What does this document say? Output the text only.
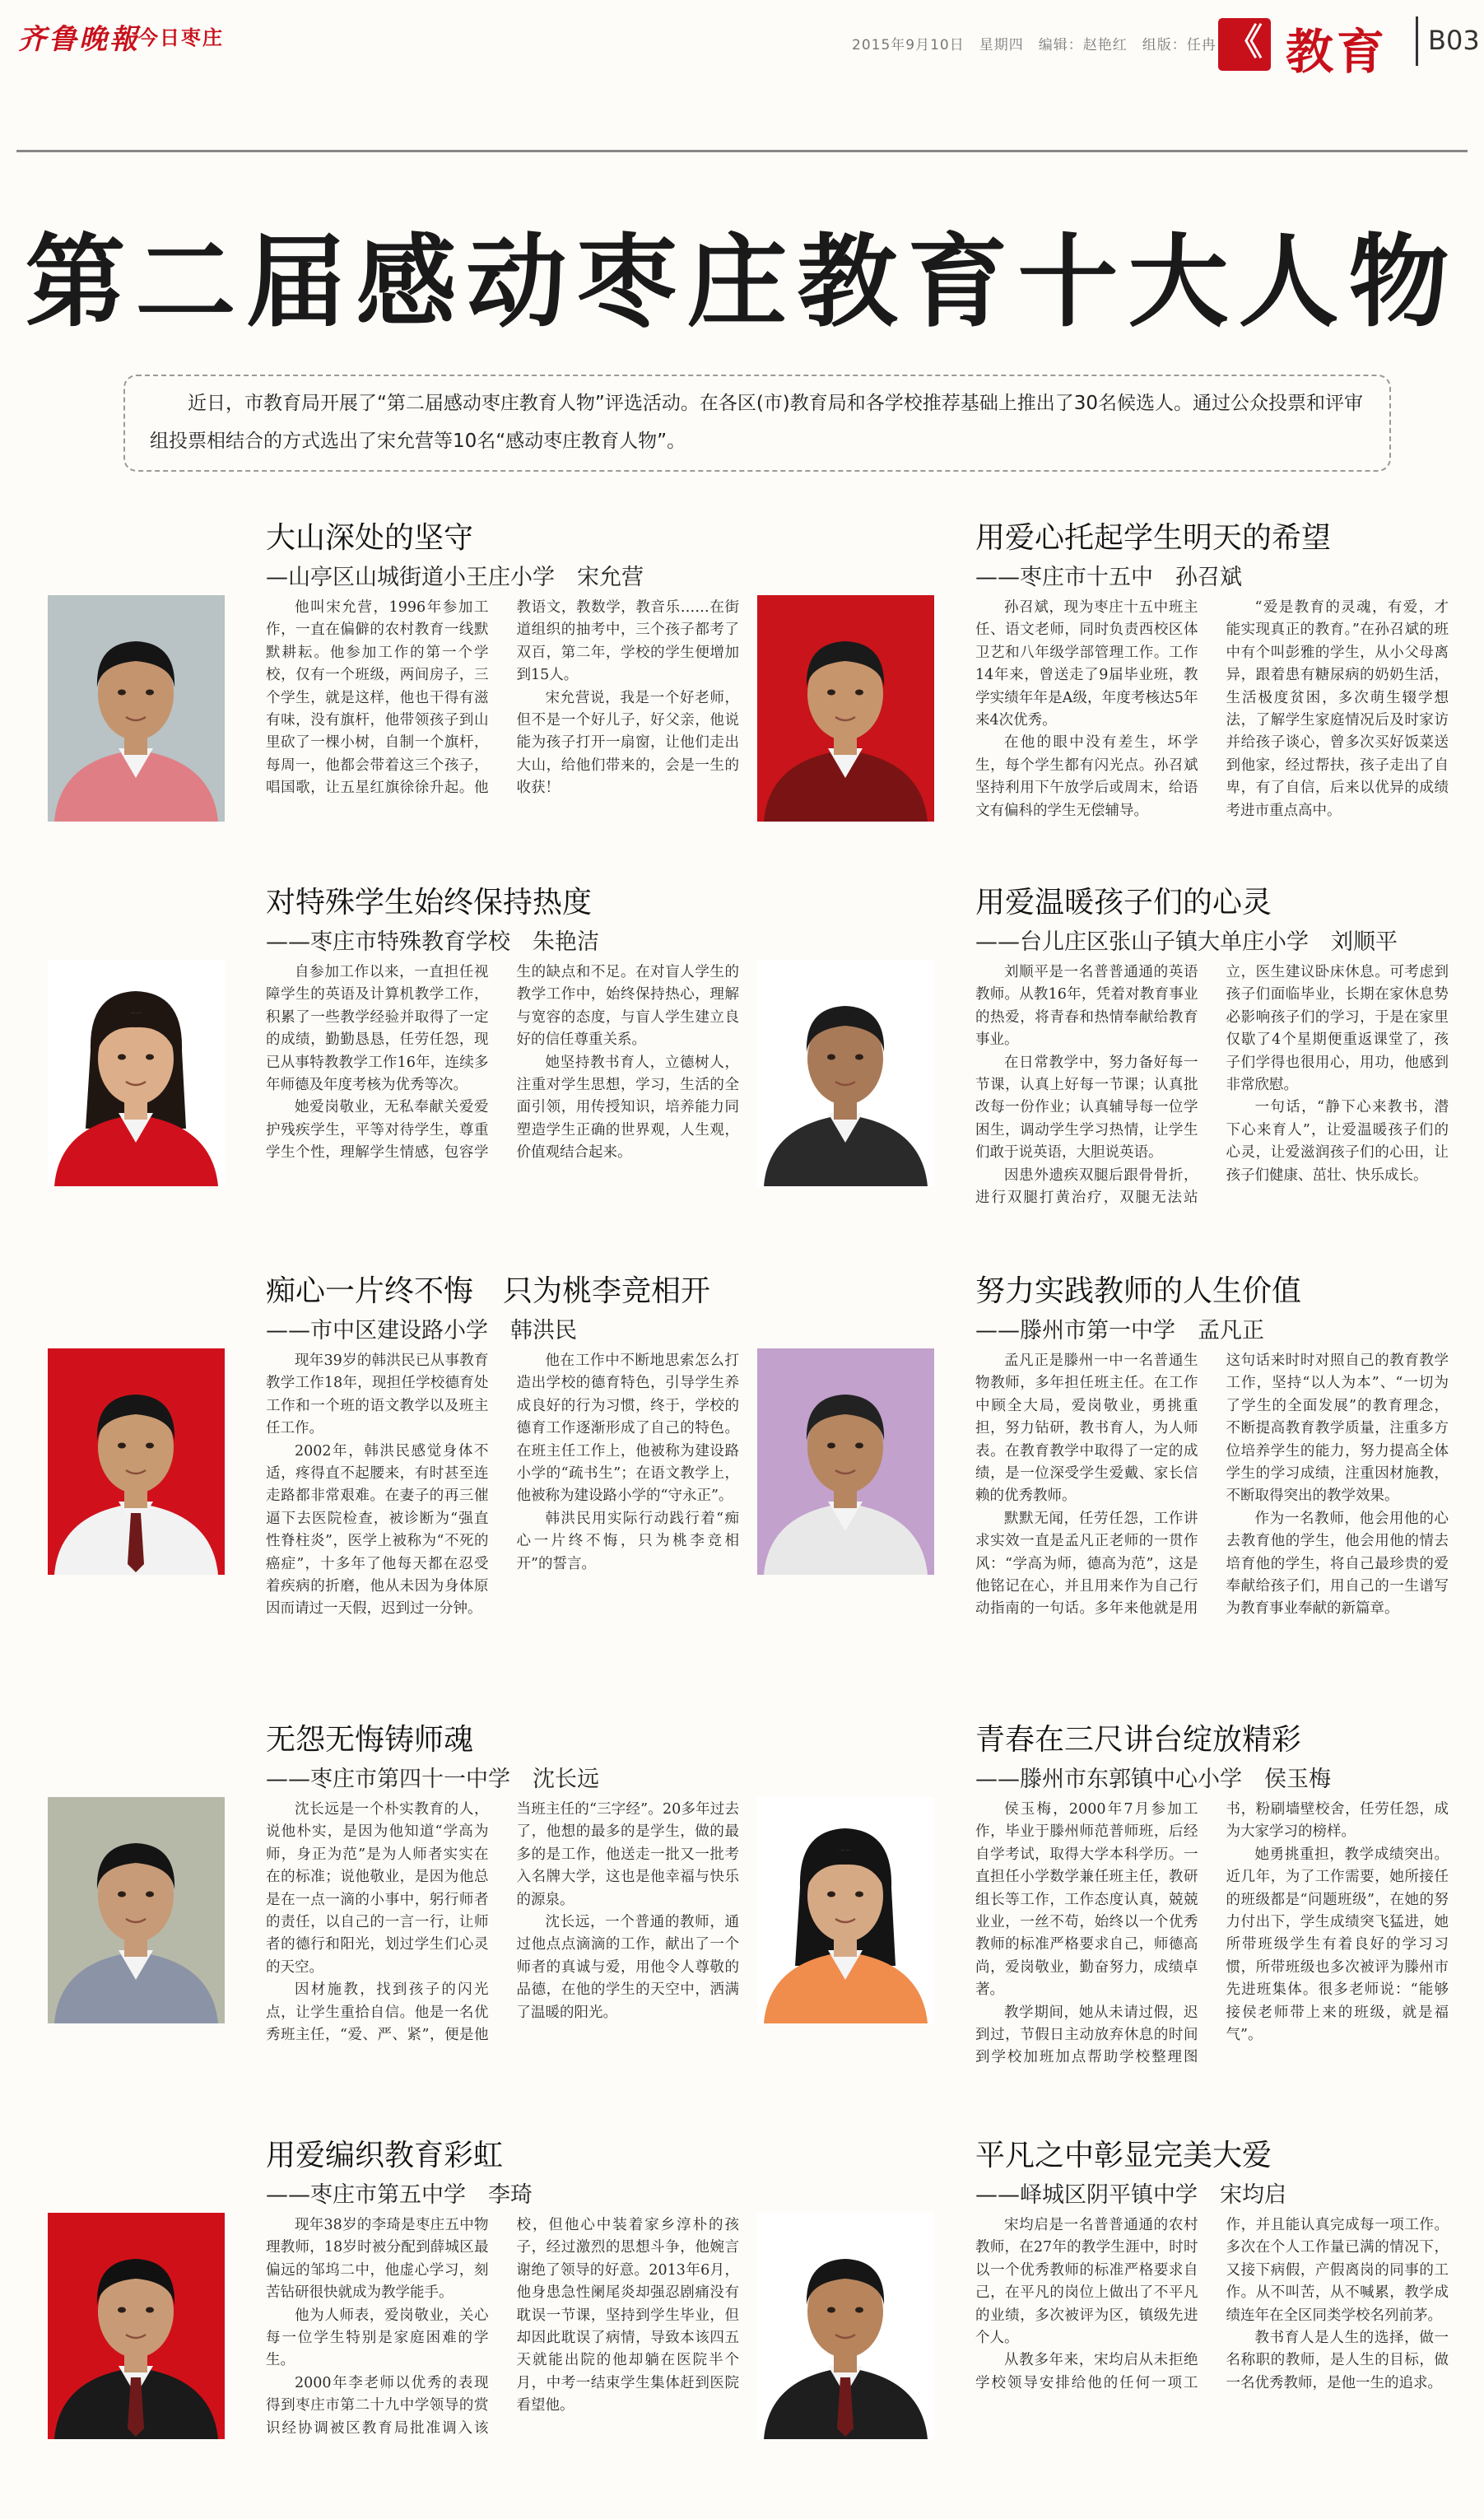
齐鲁晚報
今日枣庄	2015年9月10日　星期四　编辑：赵艳红　组版：任冉 《 教育	B03
第二届感动枣庄教育十大人物
近日，市教育局开展了“第二届感动枣庄教育人物”评选活动。在各区(市)教育局和各学校推荐基础上推出了30名候选人。通过公众投票和评审组投票相结合的方式选出了宋允营等10名“感动枣庄教育人物”。
大山深处的坚守
—山亭区山城街道小王庄小学　宋允营

他叫宋允营，1996年参加工作，一直在偏僻的农村教育一线默默耕耘。他参加工作的第一个学校，仅有一个班级，两间房子，三个学生，就是这样，他也干得有滋有味，没有旗杆，他带领孩子到山里砍了一棵小树，自制一个旗杆，每周一，他都会带着这三个孩子，唱国歌，让五星红旗徐徐升起。他教语文，教数学，教音乐……在街道组织的抽考中，三个孩子都考了双百，第二年，学校的学生便增加到15人。

宋允营说，我是一个好老师，但不是一个好儿子，好父亲，他说能为孩子打开一扇窗，让他们走出大山，给他们带来的，会是一生的收获！

用爱心托起学生明天的希望
——枣庄市十五中　孙召斌

孙召斌，现为枣庄十五中班主任、语文老师，同时负责西校区体卫艺和八年级学部管理工作。工作14年来，曾送走了9届毕业班，教学实绩年年是A级，年度考核达5年来4次优秀。

在他的眼中没有差生，坏学生，每个学生都有闪光点。孙召斌坚持利用下午放学后或周末，给语文有偏科的学生无偿辅导。

“爱是教育的灵魂，有爱，才能实现真正的教育。”在孙召斌的班中有个叫彭雅的学生，从小父母离异，跟着患有糖尿病的奶奶生活，生活极度贫困，多次萌生辍学想法，了解学生家庭情况后及时家访并给孩子谈心，曾多次买好饭菜送到他家，经过帮扶，孩子走出了自卑，有了自信，后来以优异的成绩考进市重点高中。

对特殊学生始终保持热度
——枣庄市特殊教育学校　朱艳洁

自参加工作以来，一直担任视障学生的英语及计算机教学工作，积累了一些教学经验并取得了一定的成绩，勤勤恳恳，任劳任怨，现已从事特教教学工作16年，连续多年师德及年度考核为优秀等次。

她爱岗敬业，无私奉献关爱爱护残疾学生，平等对待学生，尊重学生个性，理解学生情感，包容学生的缺点和不足。在对盲人学生的教学工作中，始终保持热心，理解与宽容的态度，与盲人学生建立良好的信任尊重关系。

她坚持教书育人，立德树人，注重对学生思想，学习，生活的全面引领，用传授知识，培养能力同塑造学生正确的世界观，人生观，价值观结合起来。

用爱温暖孩子们的心灵
——台儿庄区张山子镇大单庄小学　刘顺平

刘顺平是一名普普通通的英语教师。从教16年，凭着对教育事业的热爱，将青春和热情奉献给教育事业。

在日常教学中，努力备好每一节课，认真上好每一节课；认真批改每一份作业；认真辅导每一位学困生，调动学生学习热情，让学生们敢于说英语，大胆说英语。

因患外遗疾双腿后跟骨骨折，进行双腿打黄治疗，双腿无法站立，医生建议卧床休息。可考虑到孩子们面临毕业，长期在家休息势必影响孩子们的学习，于是在家里仅歇了4个星期便重返课堂了，孩子们学得也很用心，用功，他感到非常欣慰。

一句话，“静下心来教书，潜下心来育人”，让爱温暖孩子们的心灵，让爱滋润孩子们的心田，让孩子们健康、茁壮、快乐成长。

痴心一片终不悔　只为桃李竞相开
——市中区建设路小学　韩洪民

现年39岁的韩洪民已从事教育教学工作18年，现担任学校德育处工作和一个班的语文教学以及班主任工作。

2002年，韩洪民感觉身体不适，疼得直不起腰来，有时甚至连走路都非常艰难。在妻子的再三催逼下去医院检查，被诊断为“强直性脊柱炎”，医学上被称为“不死的癌症”，十多年了他每天都在忍受着疾病的折磨，他从未因为身体原因而请过一天假，迟到过一分钟。

他在工作中不断地思索怎么打造出学校的德育特色，引导学生养成良好的行为习惯，终于，学校的德育工作逐渐形成了自己的特色。在班主任工作上，他被称为建设路小学的“疏书生”；在语文教学上，他被称为建设路小学的“守永正”。

韩洪民用实际行动践行着“痴心一片终不悔，只为桃李竞相开”的誓言。

努力实践教师的人生价值
——滕州市第一中学　孟凡正

孟凡正是滕州一中一名普通生物教师，多年担任班主任。在工作中顾全大局，爱岗敬业，勇挑重担，努力钻研，教书育人，为人师表。在教育教学中取得了一定的成绩，是一位深受学生爱戴、家长信赖的优秀教师。

默默无闻，任劳任怨，工作讲求实效一直是孟凡正老师的一贯作风：“学高为师，德高为范”，这是他铭记在心，并且用来作为自己行动指南的一句话。多年来他就是用这句话来时时对照自己的教育教学工作，坚持“以人为本”、“一切为了学生的全面发展”的教育理念，不断提高教育教学质量，注重多方位培养学生的能力，努力提高全体学生的学习成绩，注重因材施教，不断取得突出的教学效果。

作为一名教师，他会用他的心去教育他的学生，他会用他的情去培育他的学生，将自己最珍贵的爱奉献给孩子们，用自己的一生谱写为教育事业奉献的新篇章。

无怨无悔铸师魂
——枣庄市第四十一中学　沈长远

沈长远是一个朴实教育的人，说他朴实，是因为他知道“学高为师，身正为范”是为人师者实实在在的标准；说他敬业，是因为他总是在一点一滴的小事中，躬行师者的责任，以自己的一言一行，让师者的德行和阳光，划过学生们心灵的天空。

因材施教，找到孩子的闪光点，让学生重拾自信。他是一名优秀班主任，“爱、严、紧”，便是他当班主任的“三字经”。20多年过去了，他想的最多的是学生，做的最多的是工作，他送走一批又一批考入名牌大学，这也是他幸福与快乐的源泉。

沈长远，一个普通的教师，通过他点点滴滴的工作，献出了一个师者的真诚与爱，用他令人尊敬的品德，在他的学生的天空中，洒满了温暖的阳光。

青春在三尺讲台绽放精彩
——滕州市东郭镇中心小学　侯玉梅

侯玉梅，2000年7月参加工作，毕业于滕州师范普师班，后经自学考试，取得大学本科学历。一直担任小学数学兼任班主任，教研组长等工作，工作态度认真，兢兢业业，一丝不苟，始终以一个优秀教师的标准严格要求自己，师德高尚，爱岗敬业，勤奋努力，成绩卓著。

教学期间，她从未请过假，迟到过，节假日主动放弃休息的时间到学校加班加点帮助学校整理图书，粉刷墙壁校舍，任劳任怨，成为大家学习的榜样。

她勇挑重担，教学成绩突出。近几年，为了工作需要，她所接任的班级都是“问题班级”，在她的努力付出下，学生成绩突飞猛进，她所带班级学生有着良好的学习习惯，所带班级也多次被评为滕州市先进班集体。很多老师说：“能够接侯老师带上来的班级，就是福气”。

用爱编织教育彩虹
——枣庄市第五中学　李琦

现年38岁的李琦是枣庄五中物理教师，18岁时被分配到薛城区最偏远的邹坞二中，他虚心学习，刻苦钻研很快就成为教学能手。

他为人师表，爱岗敬业，关心每一位学生特别是家庭困难的学生。

2000年李老师以优秀的表现得到枣庄市第二十九中学领导的赏识经协调被区教育局批准调入该校，但他心中装着家乡淳朴的孩子，经过激烈的思想斗争，他婉言谢绝了领导的好意。2013年6月，他身患急性阑尾炎却强忍剧痛没有耽误一节课，坚持到学生毕业，但却因此耽误了病情，导致本该四五天就能出院的他却躺在医院半个月，中考一结束学生集体赶到医院看望他。

平凡之中彰显完美大爱
——峄城区阴平镇中学　宋均启

宋均启是一名普普通通的农村教师，在27年的教学生涯中，时时以一个优秀教师的标准严格要求自己，在平凡的岗位上做出了不平凡的业绩，多次被评为区，镇级先进个人。

从教多年来，宋均启从未拒绝学校领导安排给他的任何一项工作，并且能认真完成每一项工作。多次在个人工作量已满的情况下，又接下病假，产假离岗的同事的工作。从不叫苦，从不喊累，教学成绩连年在全区同类学校名列前茅。

教书育人是人生的选择，做一名称职的教师，是人生的目标，做一名优秀教师，是他一生的追求。
